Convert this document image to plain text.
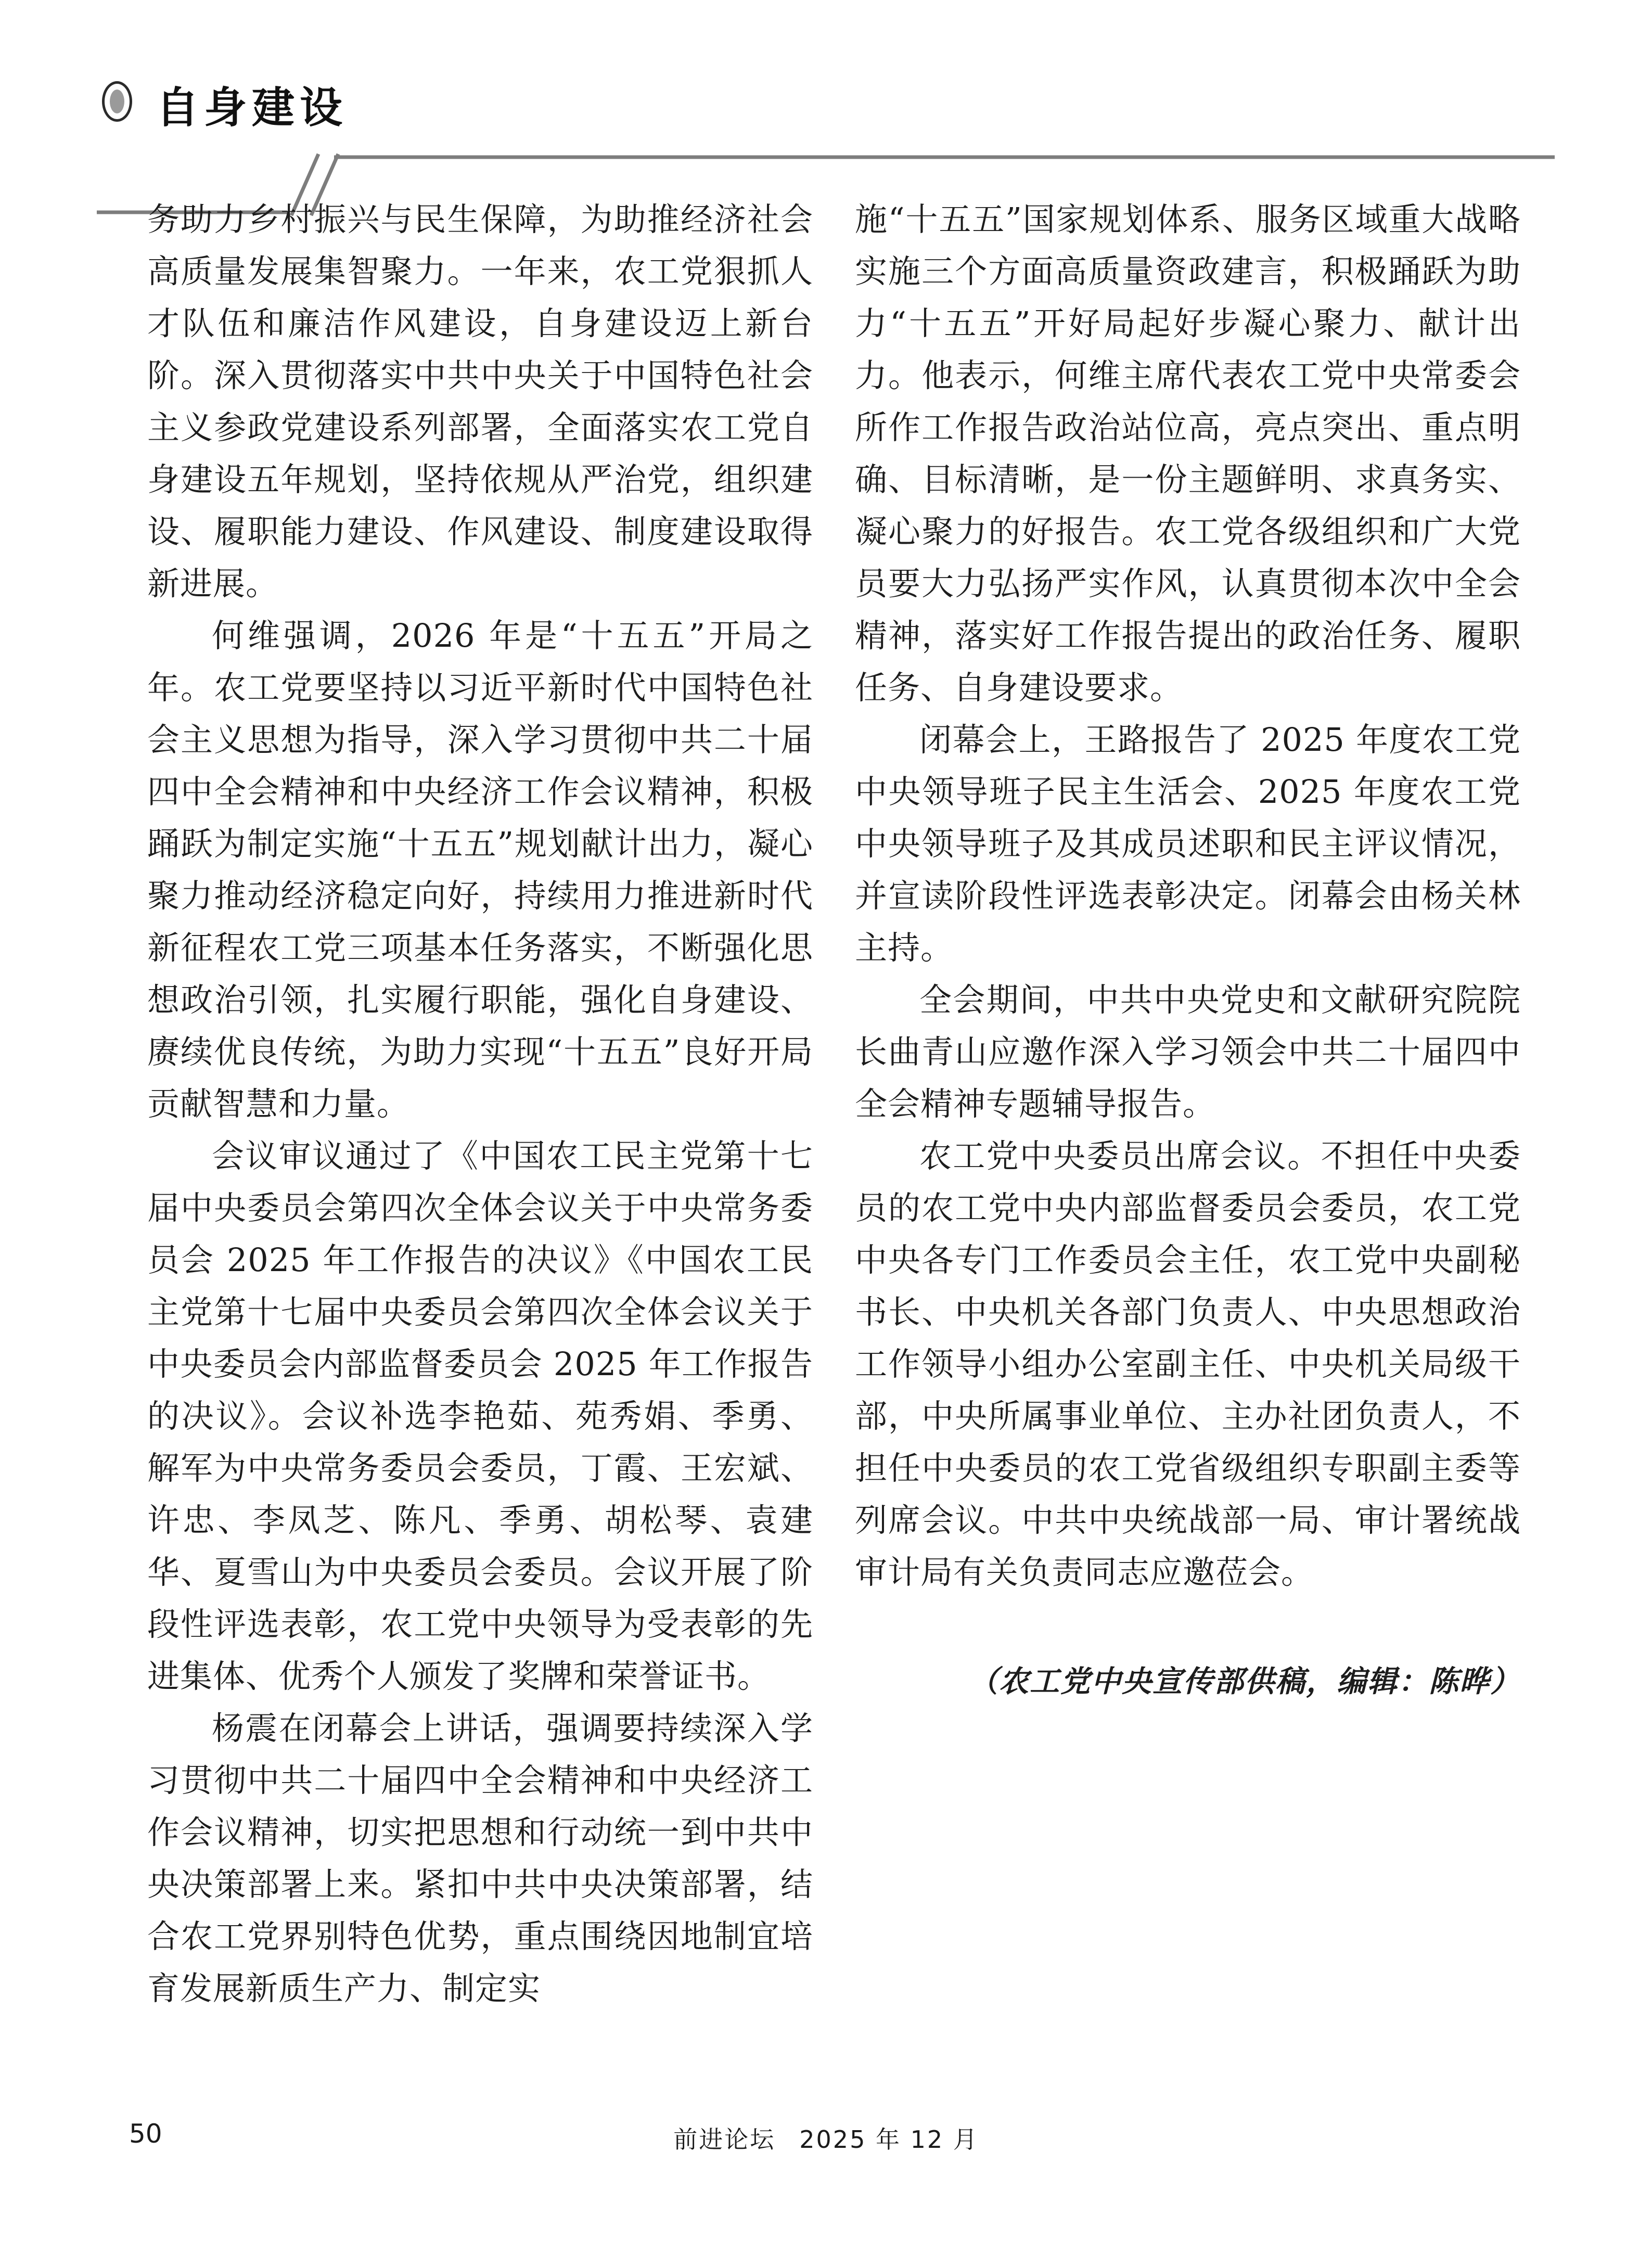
自身建设

务助力乡村振兴与民生保障，为助推经济社会高质量发展集智聚力。一年来，农工党狠抓人才队伍和廉洁作风建设，自身建设迈上新台阶。深入贯彻落实中共中央关于中国特色社会主义参政党建设系列部署，全面落实农工党自身建设五年规划，坚持依规从严治党，组织建设、履职能力建设、作风建设、制度建设取得新进展。

何维强调，2026 年是“十五五”开局之年。农工党要坚持以习近平新时代中国特色社会主义思想为指导，深入学习贯彻中共二十届四中全会精神和中央经济工作会议精神，积极踊跃为制定实施“十五五”规划献计出力，凝心聚力推动经济稳定向好，持续用力推进新时代新征程农工党三项基本任务落实，不断强化思想政治引领，扎实履行职能，强化自身建设、赓续优良传统，为助力实现“十五五”良好开局贡献智慧和力量。

会议审议通过了《中国农工民主党第十七届中央委员会第四次全体会议关于中央常务委员会 2025 年工作报告的决议》《中国农工民主党第十七届中央委员会第四次全体会议关于中央委员会内部监督委员会 2025 年工作报告的决议》。会议补选李艳茹、苑秀娟、季勇、解军为中央常务委员会委员，丁霞、王宏斌、许忠、李凤芝、陈凡、季勇、胡松琴、袁建华、夏雪山为中央委员会委员。会议开展了阶段性评选表彰，农工党中央领导为受表彰的先进集体、优秀个人颁发了奖牌和荣誉证书。

杨震在闭幕会上讲话，强调要持续深入学习贯彻中共二十届四中全会精神和中央经济工作会议精神，切实把思想和行动统一到中共中央决策部署上来。紧扣中共中央决策部署，结合农工党界别特色优势，重点围绕因地制宜培育发展新质生产力、制定实

施“十五五”国家规划体系、服务区域重大战略实施三个方面高质量资政建言，积极踊跃为助力“十五五”开好局起好步凝心聚力、献计出力。他表示，何维主席代表农工党中央常委会所作工作报告政治站位高，亮点突出、重点明确、目标清晰，是一份主题鲜明、求真务实、凝心聚力的好报告。农工党各级组织和广大党员要大力弘扬严实作风，认真贯彻本次中全会精神，落实好工作报告提出的政治任务、履职任务、自身建设要求。

闭幕会上，王路报告了 2025 年度农工党中央领导班子民主生活会、2025 年度农工党中央领导班子及其成员述职和民主评议情况，并宣读阶段性评选表彰决定。闭幕会由杨关林主持。

全会期间，中共中央党史和文献研究院院长曲青山应邀作深入学习领会中共二十届四中全会精神专题辅导报告。

农工党中央委员出席会议。不担任中央委员的农工党中央内部监督委员会委员，农工党中央各专门工作委员会主任，农工党中央副秘书长、中央机关各部门负责人、中央思想政治工作领导小组办公室副主任、中央机关局级干部，中央所属事业单位、主办社团负责人，不担任中央委员的农工党省级组织专职副主委等列席会议。中共中央统战部一局、审计署统战审计局有关负责同志应邀莅会。

（农工党中央宣传部供稿，编辑：陈晔）
50	前进论坛 2025 年 12 月
